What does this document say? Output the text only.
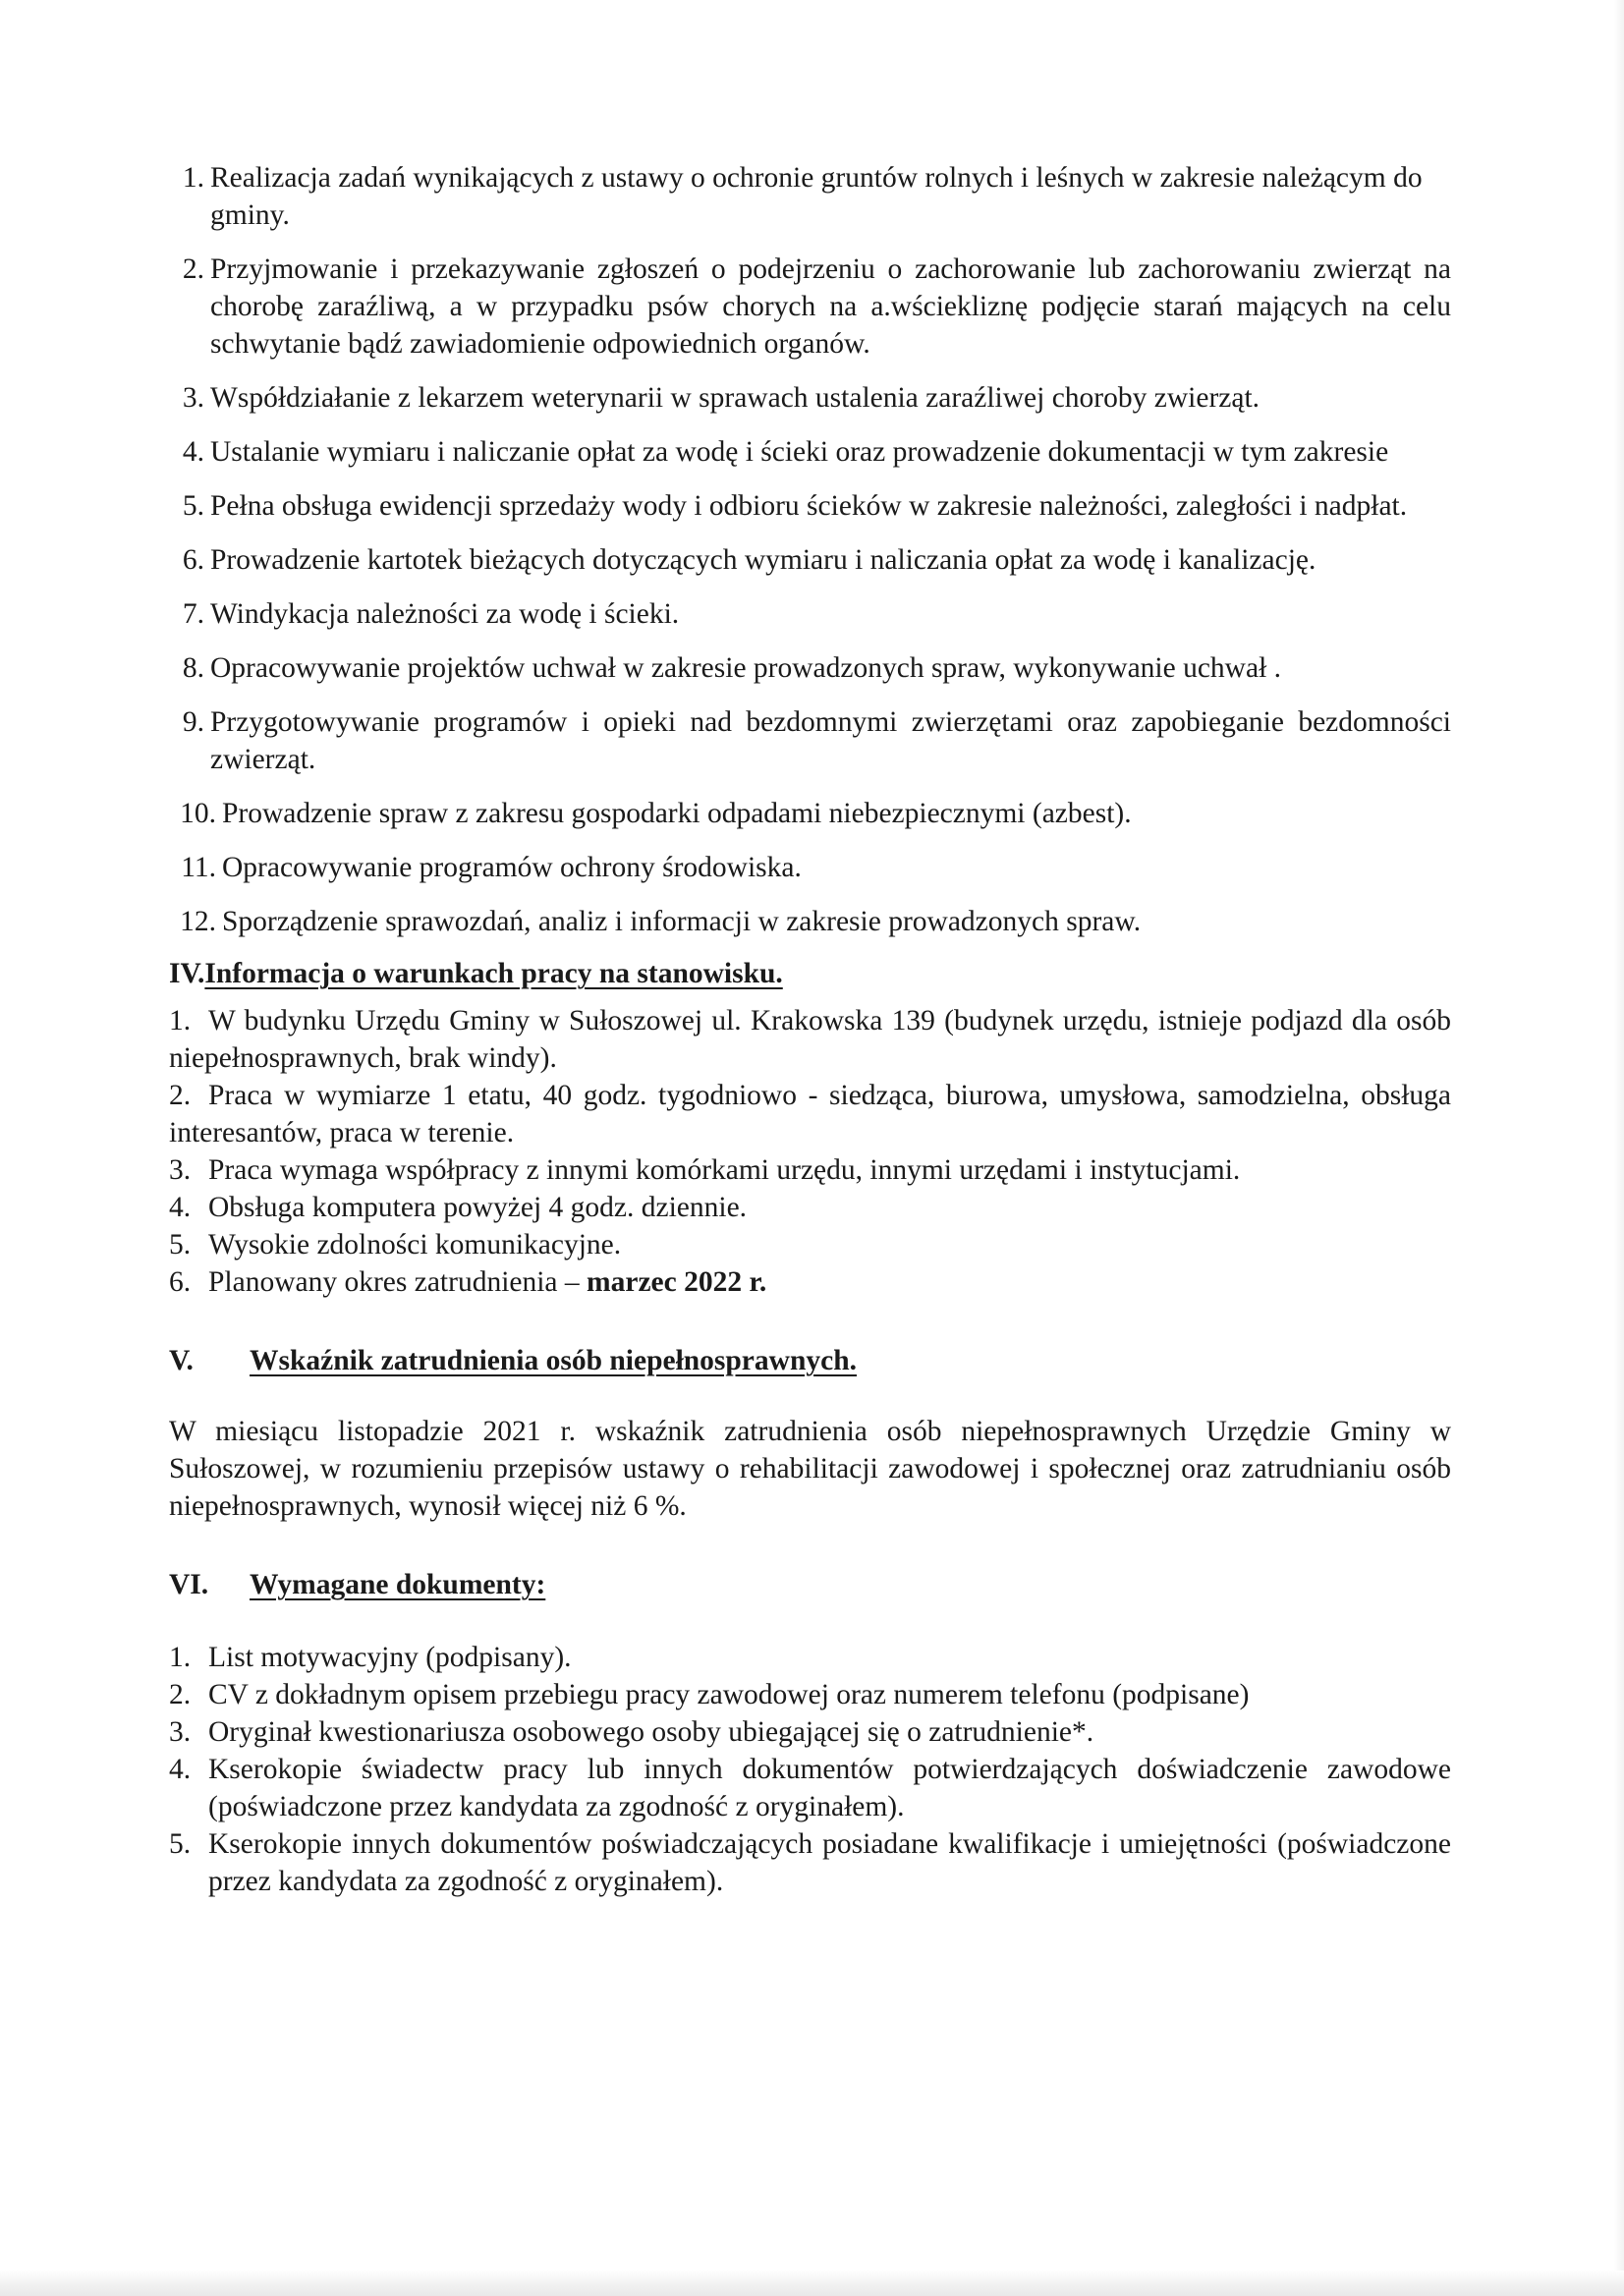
1. Realizacja zadań wynikających z ustawy o ochronie gruntów rolnych i leśnych w zakresie należącym do gminy.
2. Przyjmowanie i przekazywanie zgłoszeń o podejrzeniu o zachorowanie lub zachorowaniu zwierząt na chorobę zaraźliwą, a w przypadku psów chorych na a.wściekliznę podjęcie starań mających na celu schwytanie bądź zawiadomienie odpowiednich organów.
3. Współdziałanie z lekarzem weterynarii w sprawach ustalenia zaraźliwej choroby zwierząt.
4. Ustalanie wymiaru i naliczanie opłat za wodę i ścieki oraz prowadzenie dokumentacji w tym zakresie
5. Pełna obsługa ewidencji sprzedaży wody i odbioru ścieków w zakresie należności, zaległości i nadpłat.
6. Prowadzenie kartotek bieżących dotyczących wymiaru i naliczania opłat za wodę i kanalizację.
7. Windykacja należności za wodę i ścieki.
8. Opracowywanie projektów uchwał w zakresie prowadzonych spraw, wykonywanie uchwał .
9. Przygotowywanie programów i opieki nad bezdomnymi zwierzętami oraz zapobieganie bezdomności zwierząt.
10. Prowadzenie spraw z zakresu gospodarki odpadami niebezpiecznymi (azbest).
11. Opracowywanie programów ochrony środowiska.
12. Sporządzenie sprawozdań, analiz i informacji w zakresie prowadzonych spraw.
IV. Informacja o warunkach pracy na stanowisku.
1. W budynku Urzędu Gminy w Sułoszowej ul. Krakowska 139 (budynek urzędu, istnieje podjazd dla osób niepełnosprawnych, brak windy).
2. Praca w wymiarze 1 etatu, 40 godz. tygodniowo - siedząca, biurowa, umysłowa, samodzielna, obsługa interesantów, praca w terenie.
3. Praca wymaga współpracy z innymi komórkami urzędu, innymi urzędami i instytucjami.
4. Obsługa komputera powyżej 4 godz. dziennie.
5. Wysokie zdolności komunikacyjne.
6. Planowany okres zatrudnienia – marzec 2022 r.
V.	Wskaźnik zatrudnienia osób niepełnosprawnych.

W miesiącu listopadzie 2021 r. wskaźnik zatrudnienia osób niepełnosprawnych Urzędzie Gminy w Sułoszowej, w rozumieniu przepisów ustawy o rehabilitacji zawodowej i społecznej oraz zatrudnianiu osób niepełnosprawnych, wynosił więcej niż 6 %.

VI.	Wymagane dokumenty:
1. List motywacyjny (podpisany).
2. CV z dokładnym opisem przebiegu pracy zawodowej oraz numerem telefonu (podpisane)
3. Oryginał kwestionariusza osobowego osoby ubiegającej się o zatrudnienie*.
4. Kserokopie świadectw pracy lub innych dokumentów potwierdzających doświadczenie zawodowe (poświadczone przez kandydata za zgodność z oryginałem).
5. Kserokopie innych dokumentów poświadczających posiadane kwalifikacje i umiejętności (poświadczone przez kandydata za zgodność z oryginałem).
